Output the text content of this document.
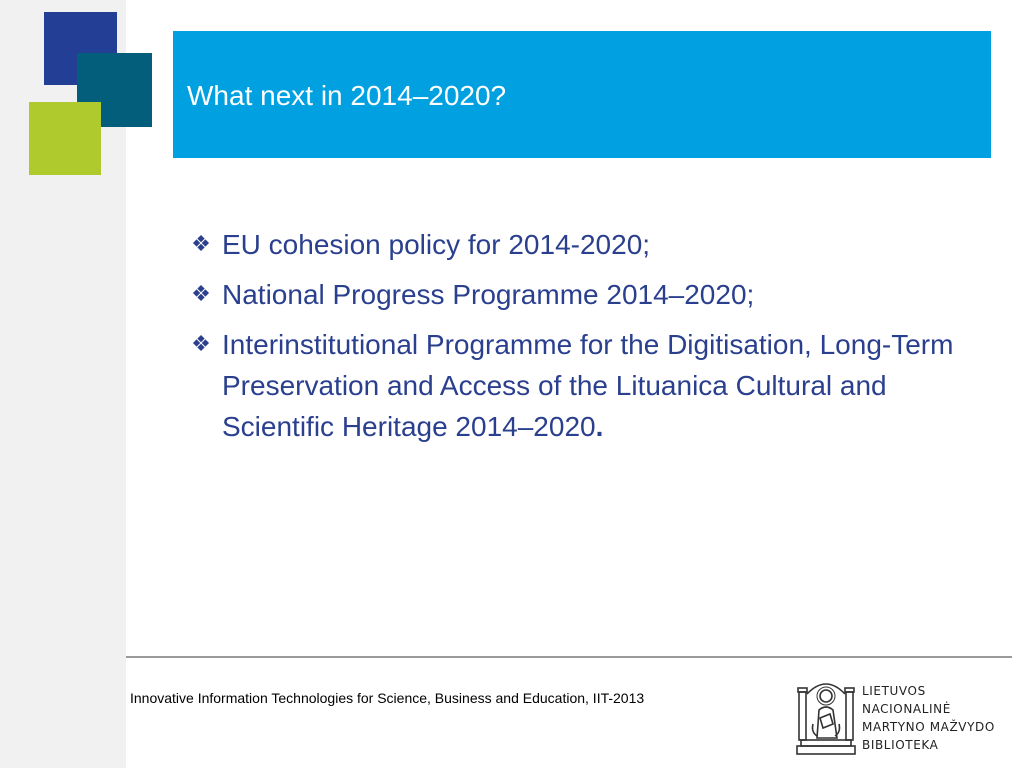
What next in 2014–2020?
❖ EU cohesion policy for 2014-2020;
❖ National Progress Programme 2014–2020;
❖ Interinstitutional Programme for the Digitisation, Long-Term Preservation and Access of the Lituanica Cultural and Scientific Heritage 2014–2020.
Innovative Information Technologies for Science, Business and Education, IIT-2013	LIETUVOS
NACIONALINĖ
MARTYNO MAŽVYDO
BIBLIOTEKA
